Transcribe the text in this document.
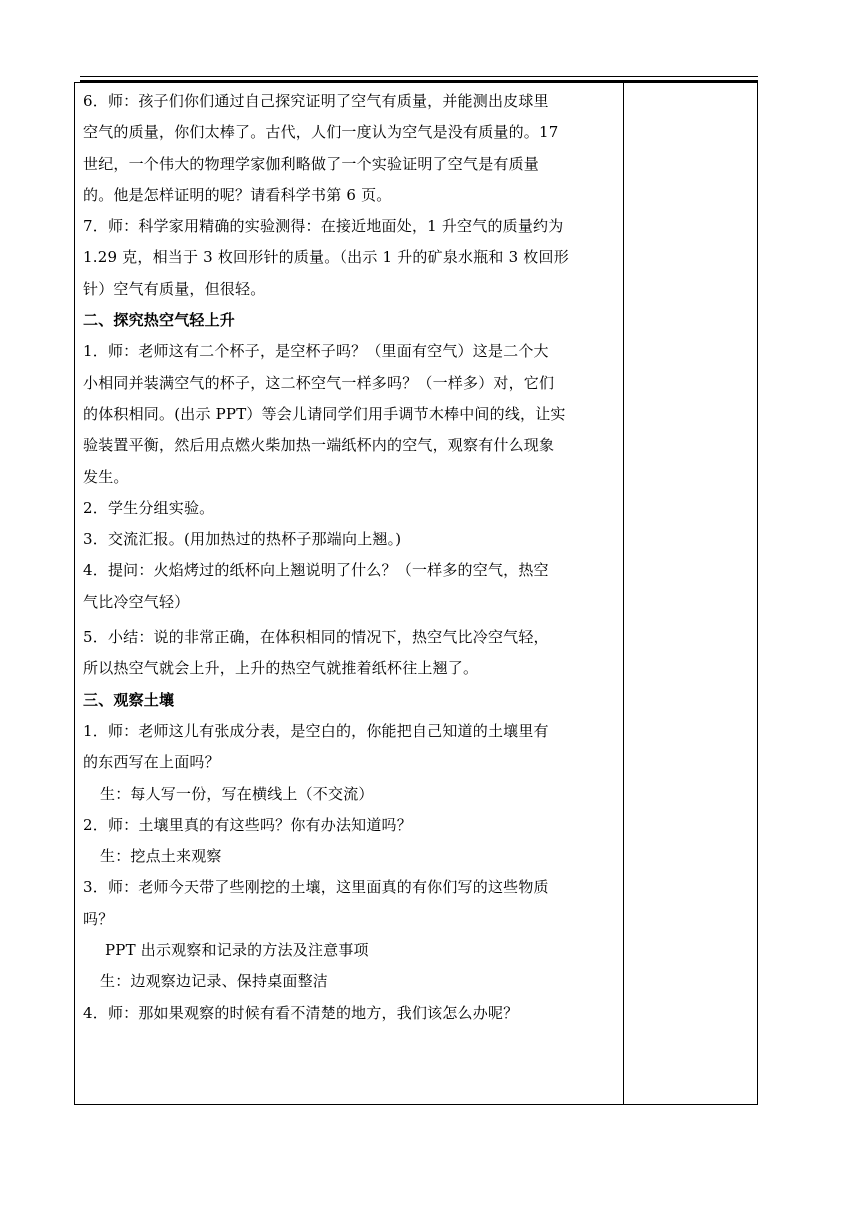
6．师：孩子们你们通过自己探究证明了空气有质量，并能测出皮球里

空气的质量，你们太棒了。古代，人们一度认为空气是没有质量的。17

世纪，一个伟大的物理学家伽利略做了一个实验证明了空气是有质量

的。他是怎样证明的呢？请看科学书第 6 页。

7．师：科学家用精确的实验测得：在接近地面处，1 升空气的质量约为

1.29 克，相当于 3 枚回形针的质量。（出示 1 升的矿泉水瓶和 3 枚回形

针）空气有质量，但很轻。

二、探究热空气轻上升

1．师：老师这有二个杯子，是空杯子吗？（里面有空气）这是二个大

小相同并装满空气的杯子，这二杯空气一样多吗？（一样多）对，它们

的体积相同。(出示 PPT）等会儿请同学们用手调节木棒中间的线，让实

验装置平衡，然后用点燃火柴加热一端纸杯内的空气，观察有什么现象

发生。

2．学生分组实验。

3．交流汇报。(用加热过的热杯子那端向上翘。)

4．提问：火焰烤过的纸杯向上翘说明了什么？（一样多的空气，热空

气比冷空气轻）

5．小结：说的非常正确，在体积相同的情况下，热空气比冷空气轻，

所以热空气就会上升，上升的热空气就推着纸杯往上翘了。

三、观察土壤

1．师：老师这儿有张成分表，是空白的，你能把自己知道的土壤里有

的东西写在上面吗？

生：每人写一份，写在横线上（不交流）

2．师：土壤里真的有这些吗？你有办法知道吗？

生：挖点土来观察

3．师：老师今天带了些刚挖的土壤，这里面真的有你们写的这些物质

吗？

PPT 出示观察和记录的方法及注意事项

生：边观察边记录、保持桌面整洁

4．师：那如果观察的时候有看不清楚的地方，我们该怎么办呢？
